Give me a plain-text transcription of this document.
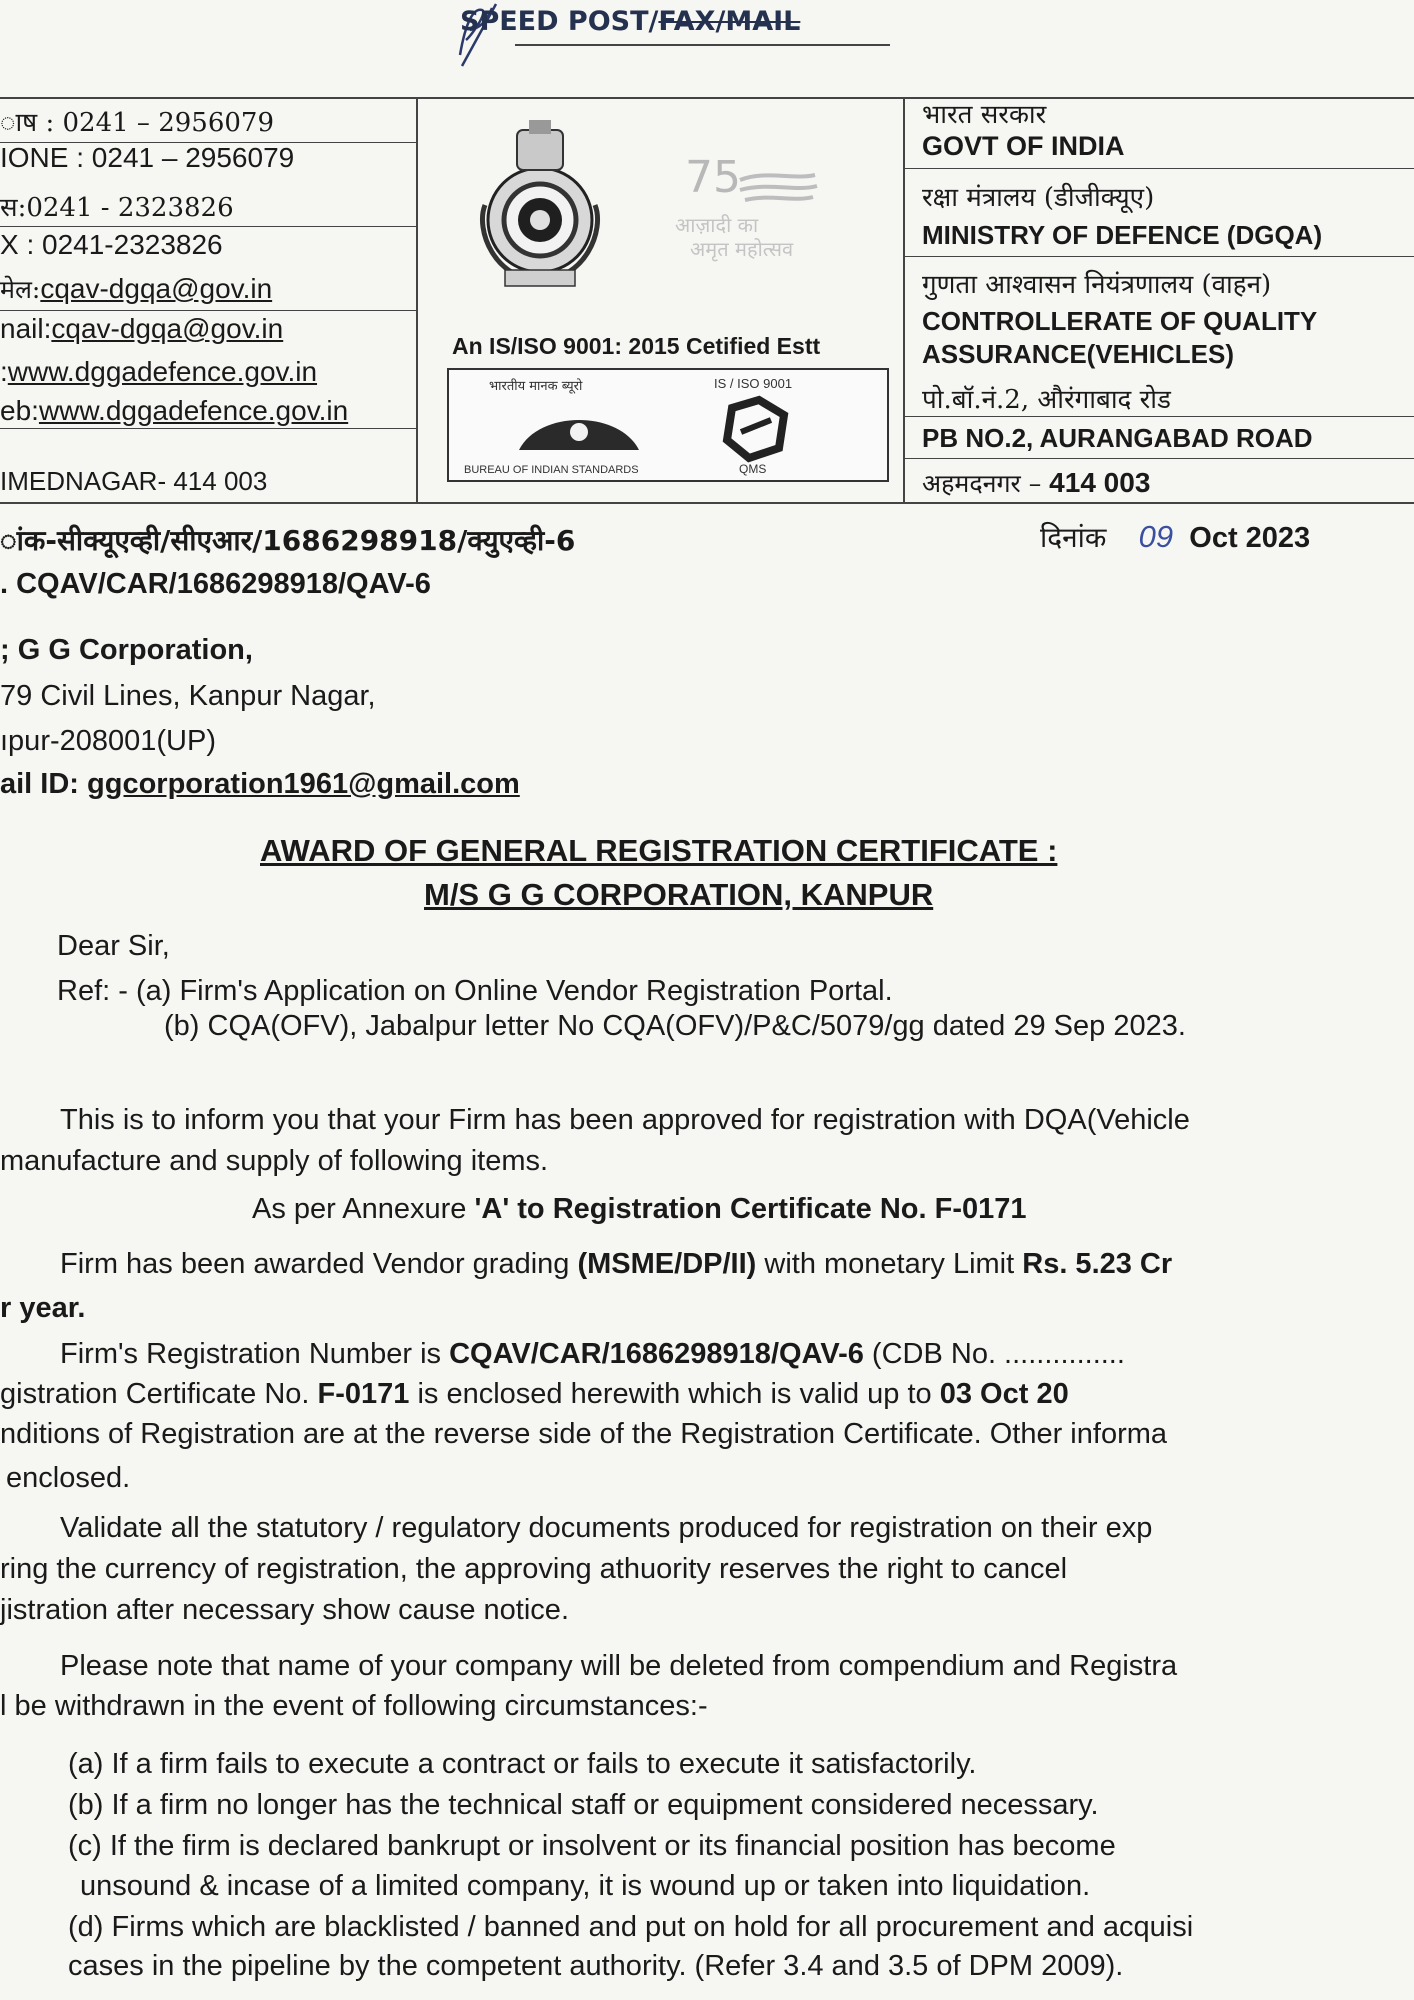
SPEED POST/FAX/MAIL
ाष : 0241 – 2956079
IONE : 0241 – 2956079
स:0241 - 2323826
X : 0241-2323826
मेल:cqav-dgqa@gov.in
nail:cqav-dgqa@gov.in
:www.dggadefence.gov.in
eb:www.dggadefence.gov.in
IMEDNAGAR- 414 003
75
आज़ादी का
अमृत महोत्सव
An IS/ISO 9001: 2015 Cetified Estt
भारतीय मानक ब्यूरो	IS / ISO 9001
BUREAU OF INDIAN STANDARDS	QMS
भारत सरकार
GOVT OF INDIA
रक्षा मंत्रालय (डीजीक्यूए)
MINISTRY OF DEFENCE (DGQA)
गुणता आश्वासन नियंत्रणालय (वाहन)
CONTROLLERATE OF QUALITY
ASSURANCE(VEHICLES)
पो.बॉ.नं.2, औरंगाबाद रोड
PB NO.2, AURANGABAD ROAD
अहमदनगर – 414 003
ांक-सीक्यूएव्ही/सीएआर/1686298918/क्युएव्ही-6	दिनांक 09 Oct 2023
. CQAV/CAR/1686298918/QAV-6
; G G Corporation,
79 Civil Lines, Kanpur Nagar,
ıpur-208001(UP)
ail ID: ggcorporation1961@gmail.com
AWARD OF GENERAL REGISTRATION CERTIFICATE :
M/S G G CORPORATION, KANPUR
Dear Sir,
Ref: - (a) Firm's Application on Online Vendor Registration Portal.
(b) CQA(OFV), Jabalpur letter No CQA(OFV)/P&C/5079/gg dated 29 Sep 2023.
This is to inform you that your Firm has been approved for registration with DQA(Vehicle
manufacture and supply of following items.
As per Annexure 'A' to Registration Certificate No. F-0171
Firm has been awarded Vendor grading (MSME/DP/II) with monetary Limit Rs. 5.23 Cr
r year.
Firm's Registration Number is CQAV/CAR/1686298918/QAV-6 (CDB No. ...............
gistration Certificate No. F-0171 is enclosed herewith which is valid up to 03 Oct 20
nditions of Registration are at the reverse side of the Registration Certificate. Other informa
enclosed.
Validate all the statutory / regulatory documents produced for registration on their exp
ring the currency of registration, the approving athuority reserves the right to cancel
jistration after necessary show cause notice.
Please note that name of your company will be deleted from compendium and Registra
l be withdrawn in the event of following circumstances:-
(a) If a firm fails to execute a contract or fails to execute it satisfactorily.
(b) If a firm no longer has the technical staff or equipment considered necessary.
(c) If the firm is declared bankrupt or insolvent or its financial position has become
unsound & incase of a limited company, it is wound up or taken into liquidation.
(d) Firms which are blacklisted / banned and put on hold for all procurement and acquisi
cases in the pipeline by the competent authority. (Refer 3.4 and 3.5 of DPM 2009).
